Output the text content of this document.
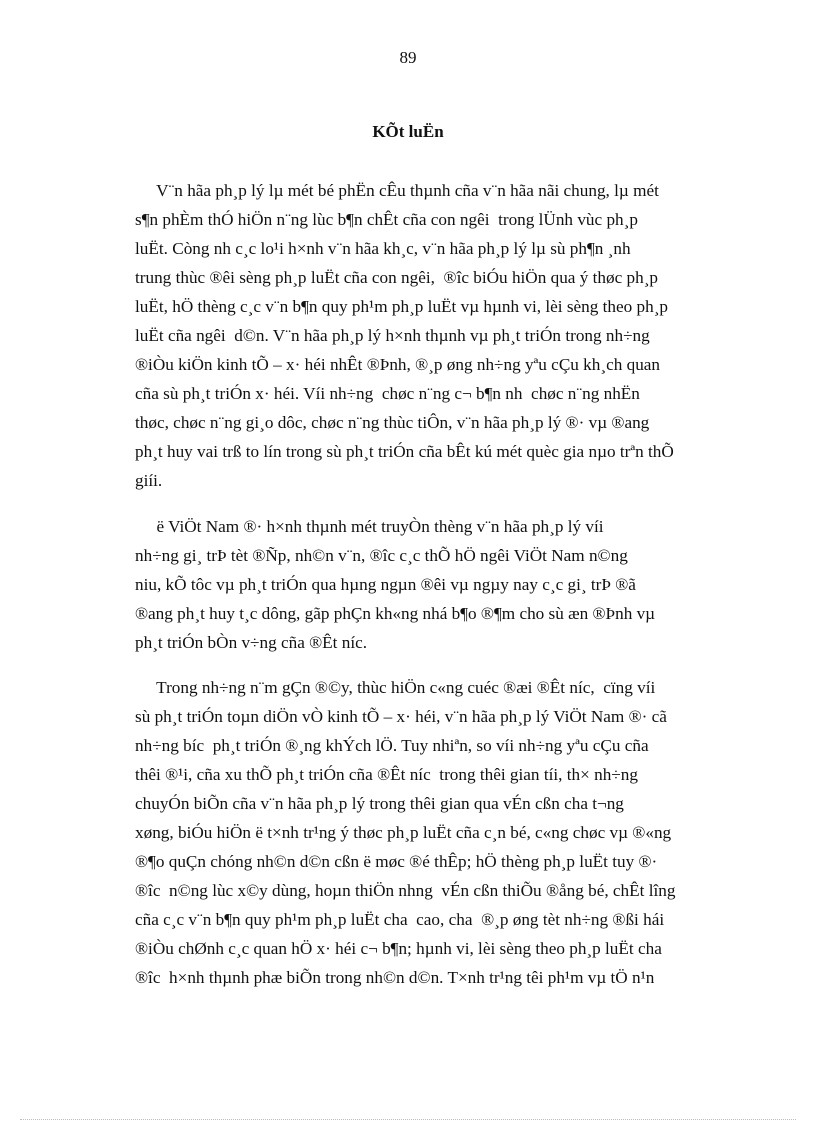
89
KÕt luËn
V¨n hãa ph¸p lý lµ mét bé phËn cÊu thµnh cña v¨n hãa nãi chung, lµ mét
s¶n phÈm thÓ hiÖn n¨ng lùc b¶n chÊt cña con ngêi  trong lÜnh vùc ph¸p
luËt. Còng nh c¸c lo¹i h×nh v¨n hãa kh¸c, v¨n hãa ph¸p lý lµ sù ph¶n ¸nh
trung thùc ®êi sèng ph¸p luËt cña con ngêi,  ®îc biÓu hiÖn qua ý thøc ph¸p
luËt, hÖ thèng c¸c v¨n b¶n quy ph¹m ph¸p luËt vµ hµnh vi, lèi sèng theo ph¸p
luËt cña ngêi  d©n. V¨n hãa ph¸p lý h×nh thµnh vµ ph¸t triÓn trong nh÷ng
®iÒu kiÖn kinh tÕ – x· héi nhÊt ®Þnh, ®¸p øng nh÷ng yªu cÇu kh¸ch quan
cña sù ph¸t triÓn x· héi. Víi nh÷ng  chøc n¨ng c¬ b¶n nh  chøc n¨ng nhËn
thøc, chøc n¨ng gi¸o dôc, chøc n¨ng thùc tiÔn, v¨n hãa ph¸p lý ®· vµ ®ang
ph¸t huy vai trß to lín trong sù ph¸t triÓn cña bÊt kú mét quèc gia nµo trªn thÕ
giíi.
ë ViÖt Nam ®· h×nh thµnh mét truyÒn thèng v¨n hãa ph¸p lý víi
nh÷ng gi¸ trÞ tèt ®Ñp, nh©n v¨n, ®îc c¸c thÕ hÖ ngêi ViÖt Nam n©ng
niu, kÕ tôc vµ ph¸t triÓn qua hµng ngµn ®êi vµ ngµy nay c¸c gi¸ trÞ ®ã
®ang ph¸t huy t¸c dông, gãp phÇn kh«ng nhá b¶o ®¶m cho sù æn ®Þnh vµ
ph¸t triÓn bÒn v÷ng cña ®Êt níc.
Trong nh÷ng n¨m gÇn ®©y, thùc hiÖn c«ng cuéc ®æi ®Êt níc,  cïng víi
sù ph¸t triÓn toµn diÖn vÒ kinh tÕ – x· héi, v¨n hãa ph¸p lý ViÖt Nam ®· cã
nh÷ng bíc  ph¸t triÓn ®¸ng khÝch lÖ. Tuy nhiªn, so víi nh÷ng yªu cÇu cña
thêi ®¹i, cña xu thÕ ph¸t triÓn cña ®Êt níc  trong thêi gian tíi, th× nh÷ng
chuyÓn biÕn cña v¨n hãa ph¸p lý trong thêi gian qua vÉn cßn cha t¬ng
xøng, biÓu hiÖn ë t×nh tr¹ng ý thøc ph¸p luËt cña c¸n bé, c«ng chøc vµ ®«ng
®¶o quÇn chóng nh©n d©n cßn ë møc ®é thÊp; hÖ thèng ph¸p luËt tuy ®·
®îc  n©ng lùc x©y dùng, hoµn thiÖn nhng  vÉn cßn thiÕu ®ång bé, chÊt lîng
cña c¸c v¨n b¶n quy ph¹m ph¸p luËt cha  cao, cha  ®¸p øng tèt nh÷ng ®ßi hái
®iÒu chØnh c¸c quan hÖ x· héi c¬ b¶n; hµnh vi, lèi sèng theo ph¸p luËt cha
®îc  h×nh thµnh phæ biÕn trong nh©n d©n. T×nh tr¹ng têi ph¹m vµ tÖ n¹n
